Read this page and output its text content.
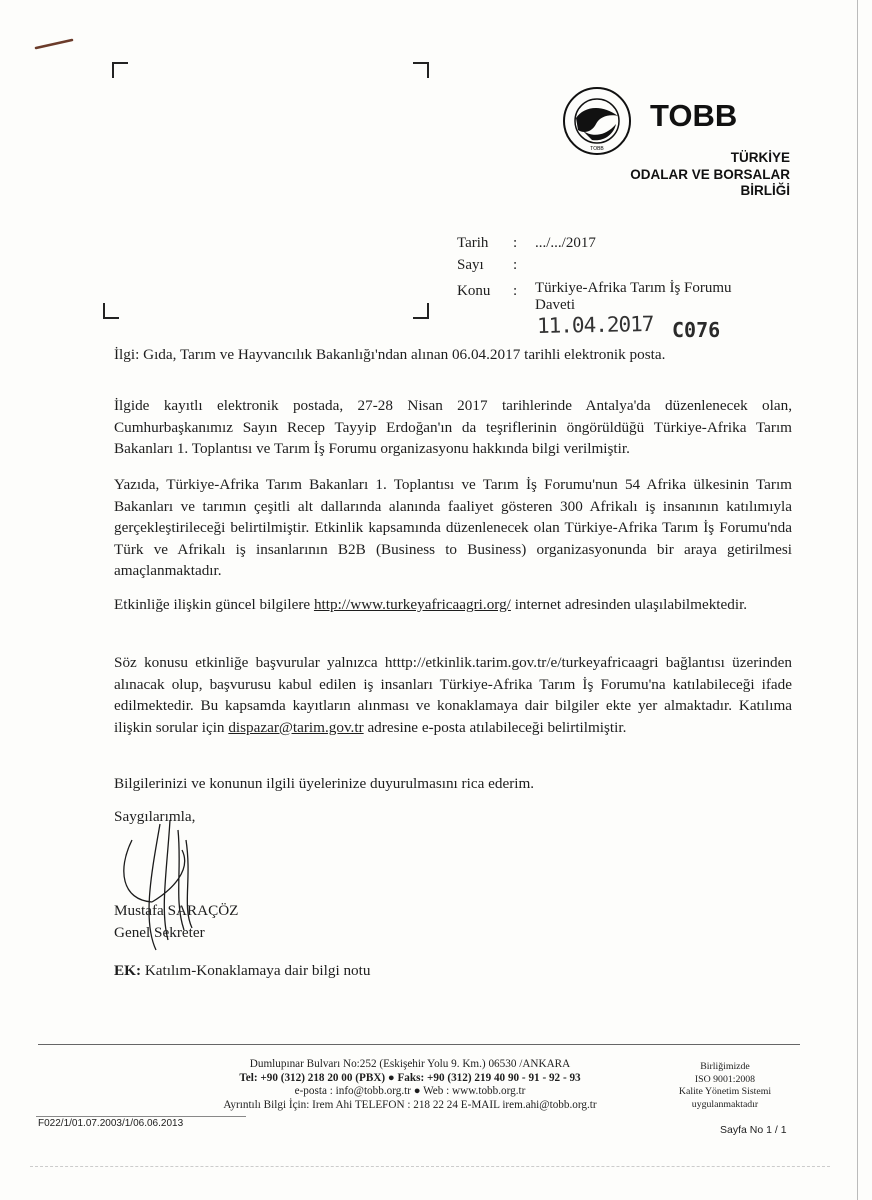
TOBB
TOBB
TÜRKİYE
ODALAR VE BORSALAR
BİRLİĞİ
Tarih	:	.../.../2017
Sayı	:
Konu	:	Türkiye-Afrika Tarım İş Forumu Daveti
11.04.2017 C076

İlgi: Gıda, Tarım ve Hayvancılık Bakanlığı'ndan alınan 06.04.2017 tarihli elektronik posta.

İlgide kayıtlı elektronik postada, 27-28 Nisan 2017 tarihlerinde Antalya'da düzenlenecek olan, Cumhurbaşkanımız Sayın Recep Tayyip Erdoğan'ın da teşriflerinin öngörüldüğü Türkiye-Afrika Tarım Bakanları 1. Toplantısı ve Tarım İş Forumu organizasyonu hakkında bilgi verilmiştir.

Yazıda, Türkiye-Afrika Tarım Bakanları 1. Toplantısı ve Tarım İş Forumu'nun 54 Afrika ülkesinin Tarım Bakanları ve tarımın çeşitli alt dallarında alanında faaliyet gösteren 300 Afrikalı iş insanının katılımıyla gerçekleştirileceği belirtilmiştir. Etkinlik kapsamında düzenlenecek olan Türkiye-Afrika Tarım İş Forumu'nda Türk ve Afrikalı iş insanlarının B2B (Business to Business) organizasyonunda bir araya getirilmesi amaçlanmaktadır.

Etkinliğe ilişkin güncel bilgilere http://www.turkeyafricaagri.org/ internet adresinden ulaşılabilmektedir.

Söz konusu etkinliğe başvurular yalnızca htttp://etkinlik.tarim.gov.tr/e/turkeyafricaagri bağlantısı üzerinden alınacak olup, başvurusu kabul edilen iş insanları Türkiye-Afrika Tarım İş Forumu'na katılabileceği ifade edilmektedir. Bu kapsamda kayıtların alınması ve konaklamaya dair bilgiler ekte yer almaktadır. Katılıma ilişkin sorular için dispazar@tarim.gov.tr adresine e-posta atılabileceği belirtilmiştir.

Bilgilerinizi ve konunun ilgili üyelerinize duyurulmasını rica ederim.

Saygılarımla,

Mustafa SARAÇÖZ

Genel Sekreter

EK: Katılım-Konaklamaya dair bilgi notu

Dumlupınar Bulvarı No:252 (Eskişehir Yolu 9. Km.) 06530 /ANKARA
Tel: +90 (312) 218 20 00 (PBX) ● Faks: +90 (312) 219 40 90 - 91 - 92 - 93
e-posta : info@tobb.org.tr ● Web : www.tobb.org.tr
Ayrıntılı Bilgi İçin: Irem Ahi TELEFON : 218 22 24 E-MAIL irem.ahi@tobb.org.tr
Birliğimizde
ISO 9001:2008
Kalite Yönetim Sistemi
uygulanmaktadır
F022/1/01.07.2003/1/06.06.2013
Sayfa No 1 / 1
